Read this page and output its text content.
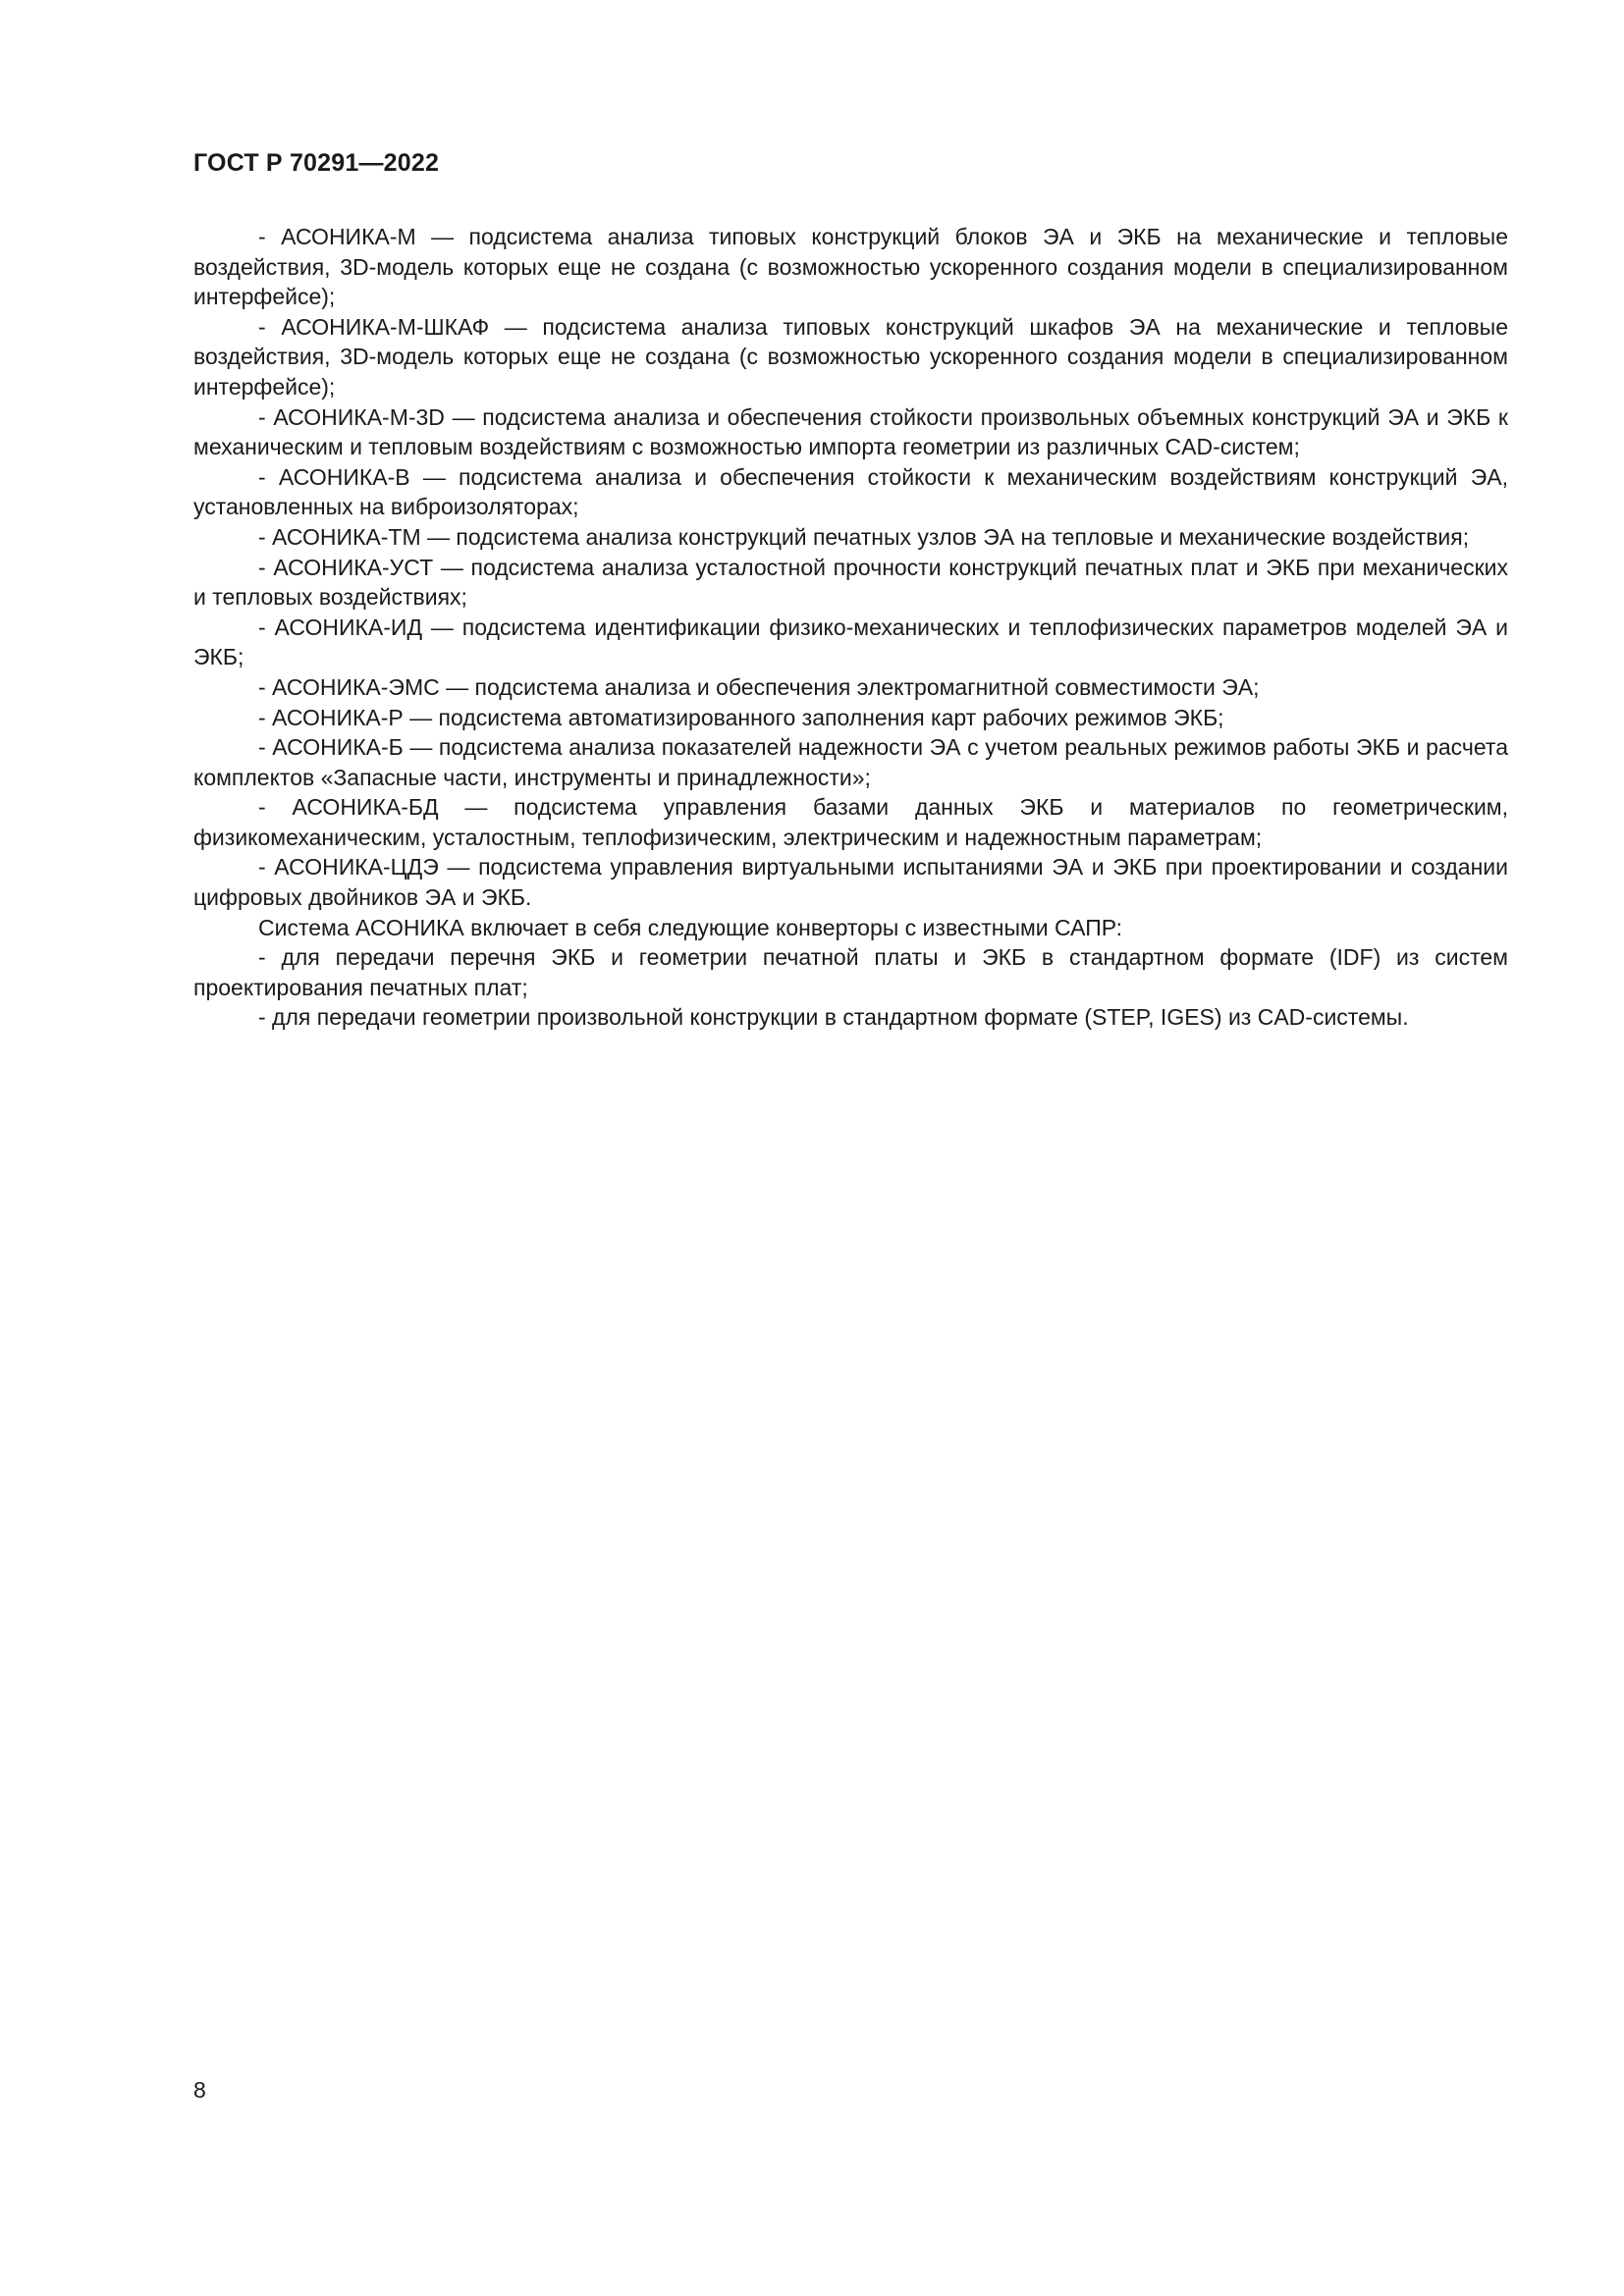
ГОСТ Р 70291—2022

- АСОНИКА-М — подсистема анализа типовых конструкций блоков ЭА и ЭКБ на механические и тепловые воздействия, 3D-модель которых еще не создана (с возможностью ускоренного создания модели в специализированном интерфейсе);

- АСОНИКА-М-ШКАФ — подсистема анализа типовых конструкций шкафов ЭА на механические и тепловые воздействия, 3D-модель которых еще не создана (с возможностью ускоренного создания модели в специализированном интерфейсе);

- АСОНИКА-М-3D — подсистема анализа и обеспечения стойкости произвольных объемных конструкций ЭА и ЭКБ к механическим и тепловым воздействиям с возможностью импорта геометрии из различных CAD-систем;

- АСОНИКА-В — подсистема анализа и обеспечения стойкости к механическим воздействиям конструкций ЭА, установленных на виброизоляторах;

- АСОНИКА-ТМ — подсистема анализа конструкций печатных узлов ЭА на тепловые и механические воздействия;

- АСОНИКА-УСТ — подсистема анализа усталостной прочности конструкций печатных плат и ЭКБ при механических и тепловых воздействиях;

- АСОНИКА-ИД — подсистема идентификации физико-механических и теплофизических параметров моделей ЭА и ЭКБ;

- АСОНИКА-ЭМС — подсистема анализа и обеспечения электромагнитной совместимости ЭА;

- АСОНИКА-Р — подсистема автоматизированного заполнения карт рабочих режимов ЭКБ;

- АСОНИКА-Б — подсистема анализа показателей надежности ЭА с учетом реальных режимов работы ЭКБ и расчета комплектов «Запасные части, инструменты и принадлежности»;

- АСОНИКА-БД — подсистема управления базами данных ЭКБ и материалов по геометрическим, физикомеханическим, усталостным, теплофизическим, электрическим и надежностным параметрам;

- АСОНИКА-ЦДЭ — подсистема управления виртуальными испытаниями ЭА и ЭКБ при проектировании и создании цифровых двойников ЭА и ЭКБ.

Система АСОНИКА включает в себя следующие конверторы с известными САПР:

- для передачи перечня ЭКБ и геометрии печатной платы и ЭКБ в стандартном формате (IDF) из систем проектирования печатных плат;

- для передачи геометрии произвольной конструкции в стандартном формате (STEP, IGES) из CAD-системы.

8
